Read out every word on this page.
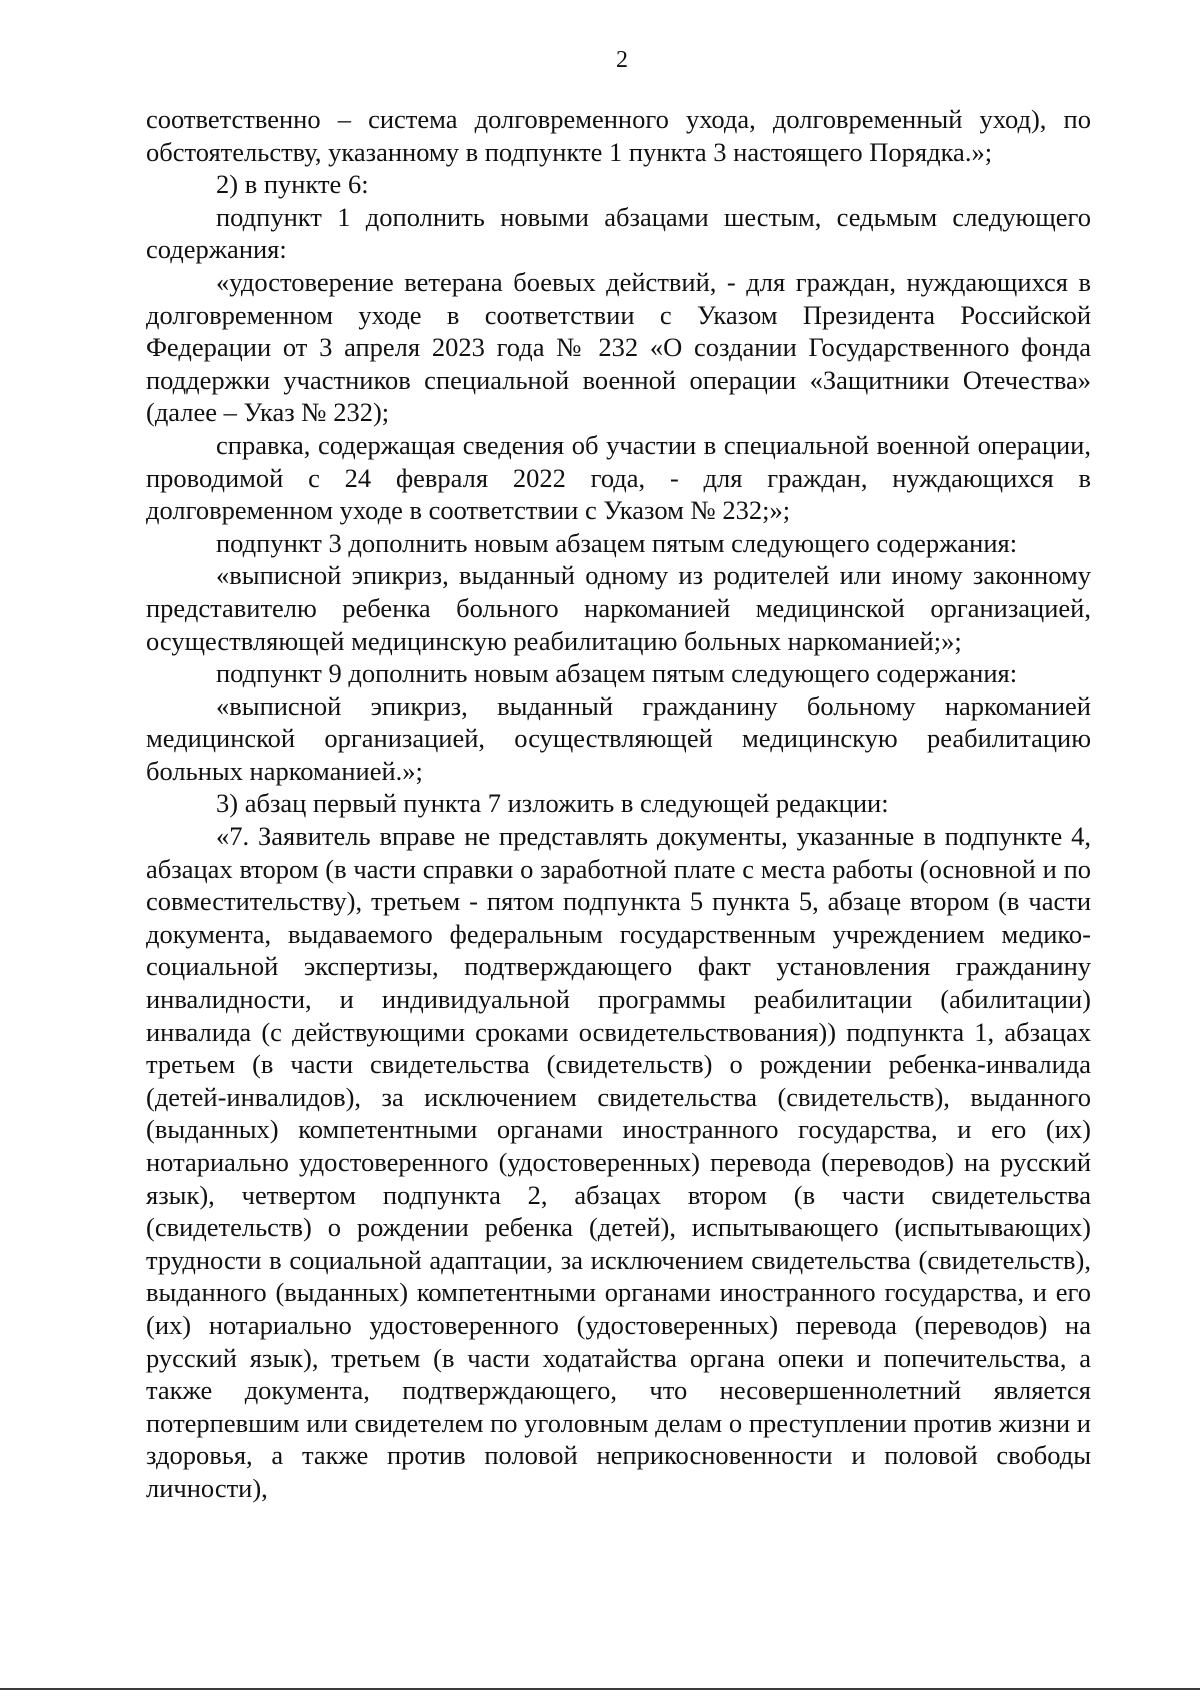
2

соответственно – система долговременного ухода, долговременный уход), по обстоятельству, указанному в подпункте 1 пункта 3 настоящего Порядка.»;

2) в пункте 6:

подпункт 1 дополнить новыми абзацами шестым, седьмым следующего содержания:

«удостоверение ветерана боевых действий, - для граждан, нуждающихся в долговременном уходе в соответствии с Указом Президента Российской Федерации от 3 апреля 2023 года № 232 «О создании Государственного фонда поддержки участников специальной военной операции «Защитники Отечества» (далее – Указ № 232);

справка, содержащая сведения об участии в специальной военной операции, проводимой с 24 февраля 2022 года, - для граждан, нуждающихся в долговременном уходе в соответствии с Указом № 232;»;

подпункт 3 дополнить новым абзацем пятым следующего содержания:

«выписной эпикриз, выданный одному из родителей или иному законному представителю ребенка больного наркоманией медицинской организацией, осуществляющей медицинскую реабилитацию больных наркоманией;»;

подпункт 9 дополнить новым абзацем пятым следующего содержания:

«выписной эпикриз, выданный гражданину больному наркоманией медицинской организацией, осуществляющей медицинскую реабилитацию больных наркоманией.»;

3) абзац первый пункта 7 изложить в следующей редакции:

«7. Заявитель вправе не представлять документы, указанные в подпункте 4, абзацах втором (в части справки о заработной плате с места работы (основной и по совместительству), третьем - пятом подпункта 5 пункта 5, абзаце втором (в части документа, выдаваемого федеральным государственным учреждением медико-социальной экспертизы, подтверждающего факт установления гражданину инвалидности, и индивидуальной программы реабилитации (абилитации) инвалида (с действующими сроками освидетельствования)) подпункта 1, абзацах третьем (в части свидетельства (свидетельств) о рождении ребенка-инвалида (детей-инвалидов), за исключением свидетельства (свидетельств), выданного (выданных) компетентными органами иностранного государства, и его (их) нотариально удостоверенного (удостоверенных) перевода (переводов) на русский язык), четвертом подпункта 2, абзацах втором (в части свидетельства (свидетельств) о рождении ребенка (детей), испытывающего (испытывающих) трудности в социальной адаптации, за исключением свидетельства (свидетельств), выданного (выданных) компетентными органами иностранного государства, и его (их) нотариально удостоверенного (удостоверенных) перевода (переводов) на русский язык), третьем (в части ходатайства органа опеки и попечительства, а также документа, подтверждающего, что несовершеннолетний является потерпевшим или свидетелем по уголовным делам о преступлении против жизни и здоровья, а также против половой неприкосновенности и половой свободы личности),
